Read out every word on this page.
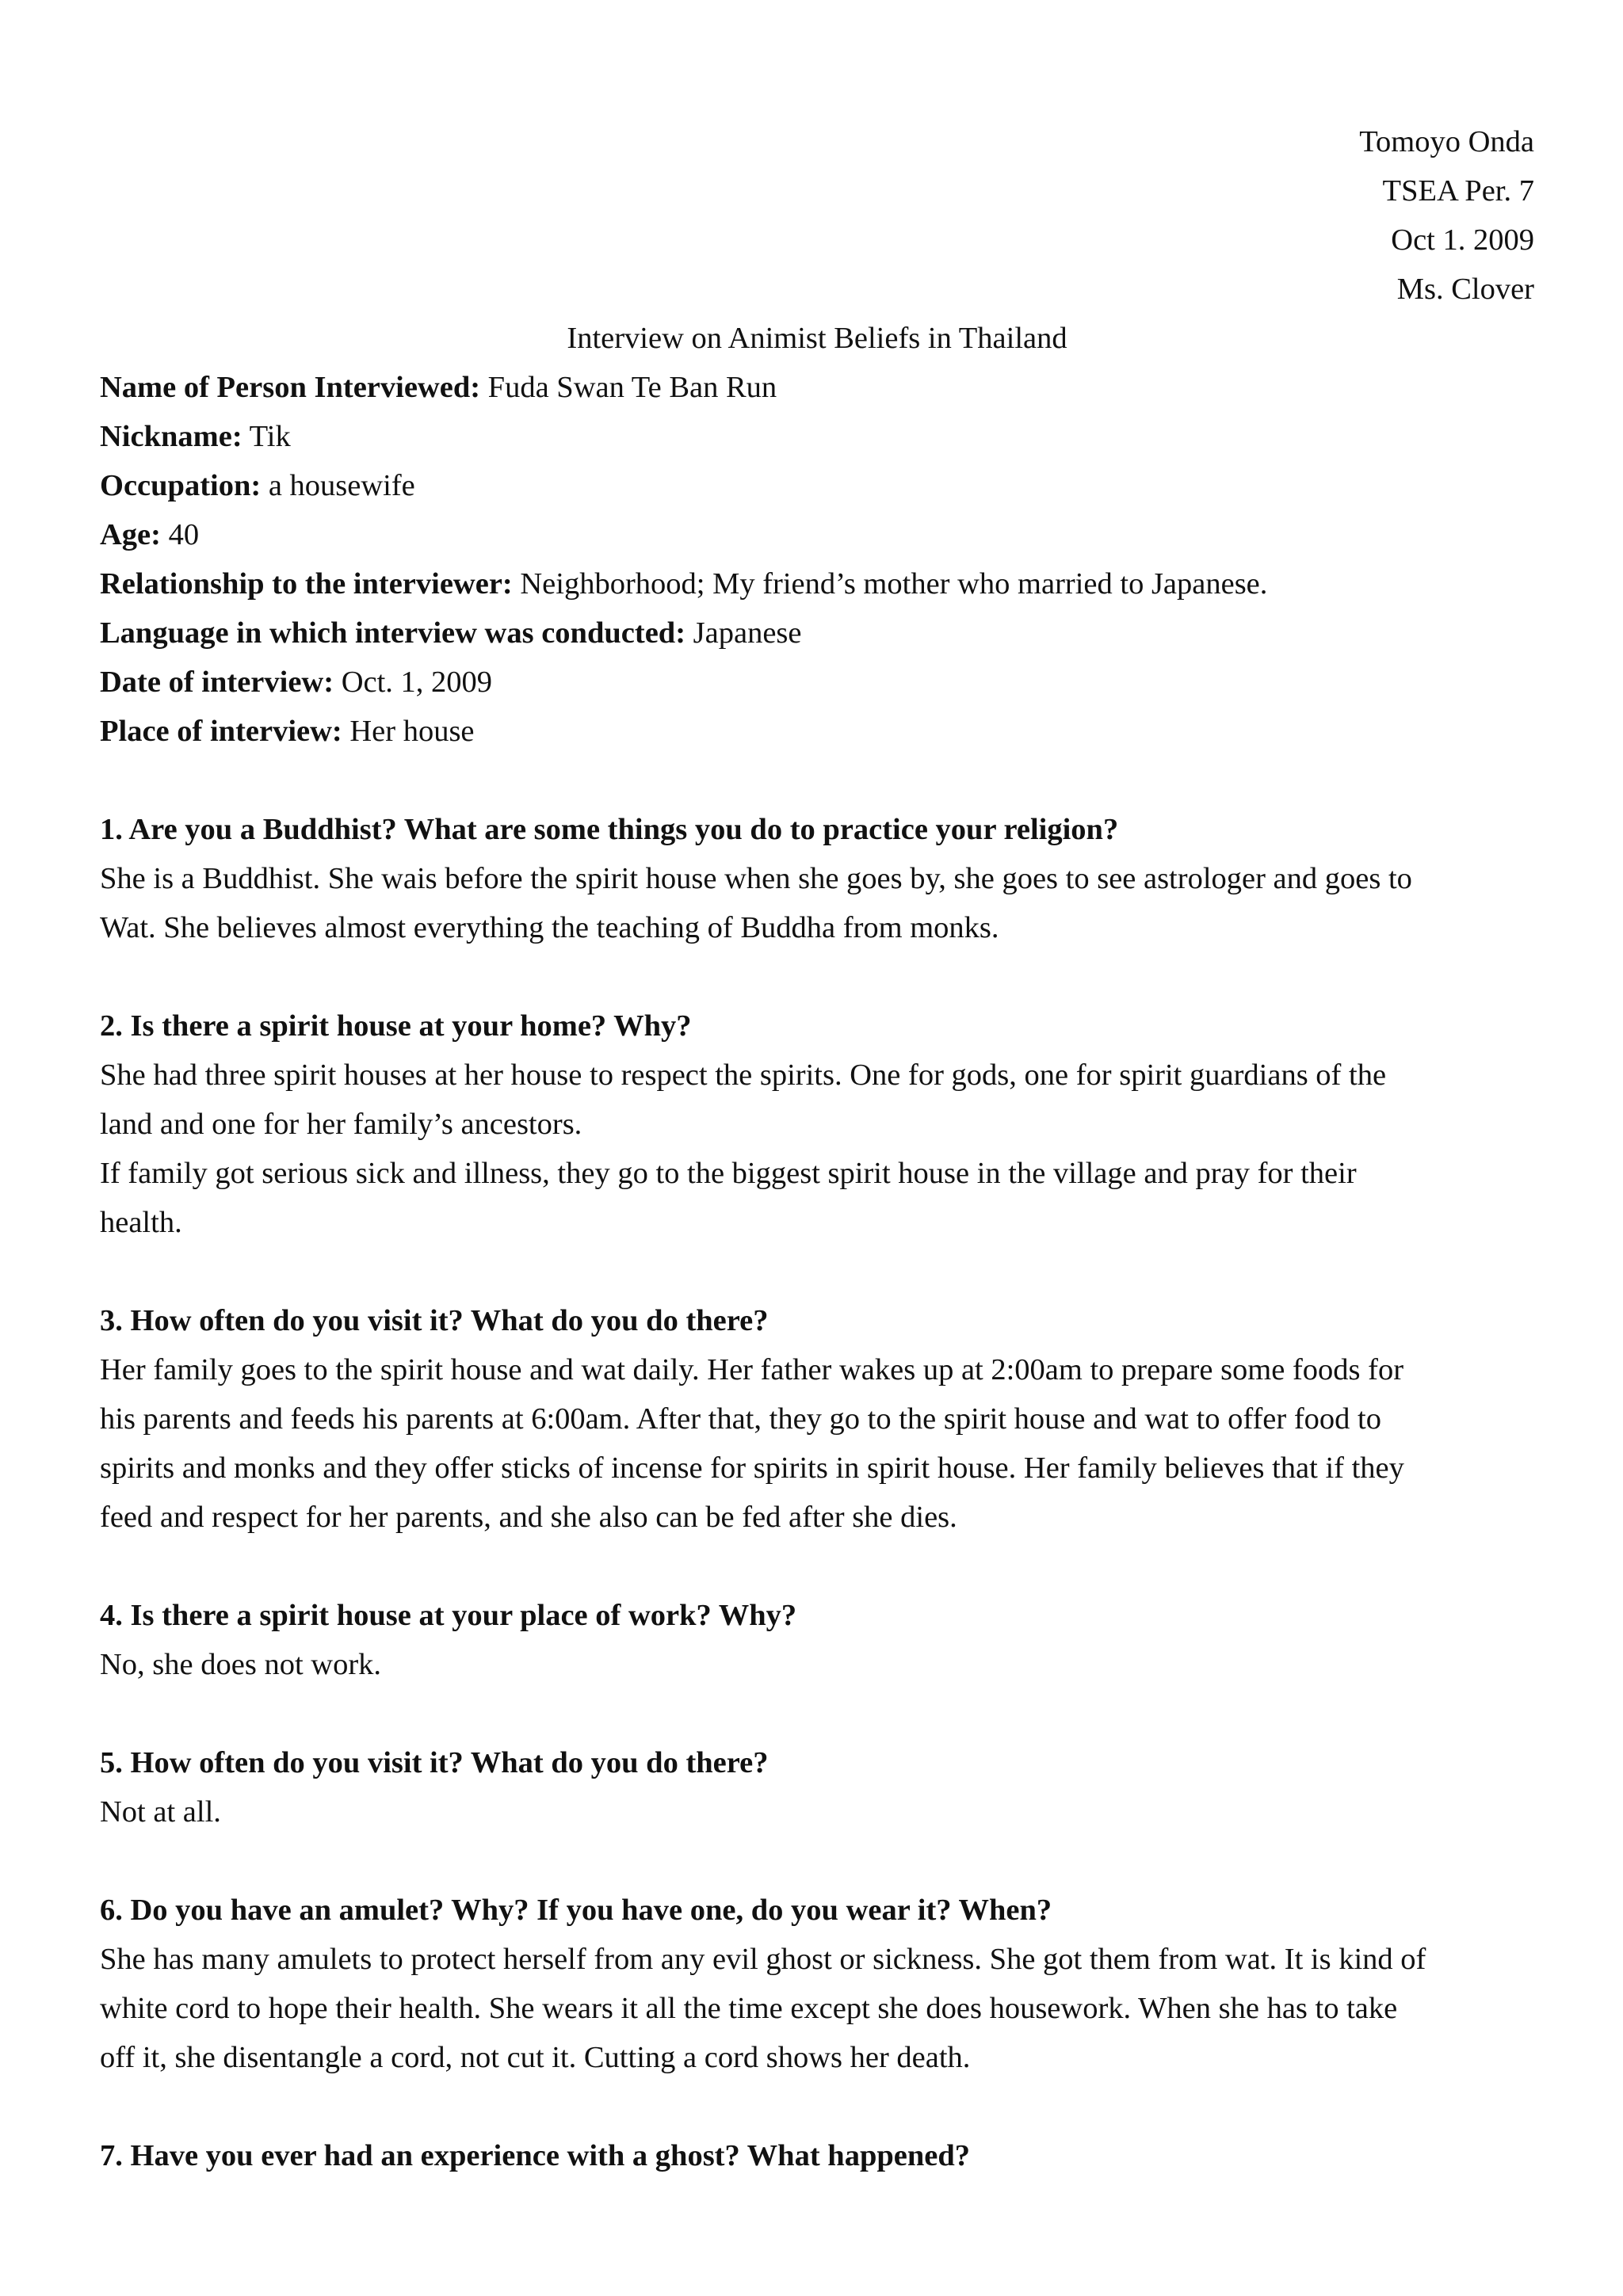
Tomoyo Onda
TSEA Per. 7
Oct 1. 2009
Ms. Clover
Interview on Animist Beliefs in Thailand
Name of Person Interviewed: Fuda Swan Te Ban Run
Nickname: Tik
Occupation: a housewife
Age: 40
Relationship to the interviewer: Neighborhood; My friend’s mother who married to Japanese.
Language in which interview was conducted: Japanese
Date of interview: Oct. 1, 2009
Place of interview: Her house
1. Are you a Buddhist? What are some things you do to practice your religion?
She is a Buddhist. She wais before the spirit house when she goes by, she goes to see astrologer and goes to
Wat. She believes almost everything the teaching of Buddha from monks.
2. Is there a spirit house at your home? Why?
She had three spirit houses at her house to respect the spirits. One for gods, one for spirit guardians of the
land and one for her family’s ancestors.
If family got serious sick and illness, they go to the biggest spirit house in the village and pray for their
health.
3. How often do you visit it? What do you do there?
Her family goes to the spirit house and wat daily. Her father wakes up at 2:00am to prepare some foods for
his parents and feeds his parents at 6:00am. After that, they go to the spirit house and wat to offer food to
spirits and monks and they offer sticks of incense for spirits in spirit house. Her family believes that if they
feed and respect for her parents, and she also can be fed after she dies.
4. Is there a spirit house at your place of work? Why?
No, she does not work.
5. How often do you visit it? What do you do there?
Not at all.
6. Do you have an amulet? Why? If you have one, do you wear it? When?
She has many amulets to protect herself from any evil ghost or sickness. She got them from wat. It is kind of
white cord to hope their health. She wears it all the time except she does housework. When she has to take
off it, she disentangle a cord, not cut it. Cutting a cord shows her death.
7. Have you ever had an experience with a ghost? What happened?
